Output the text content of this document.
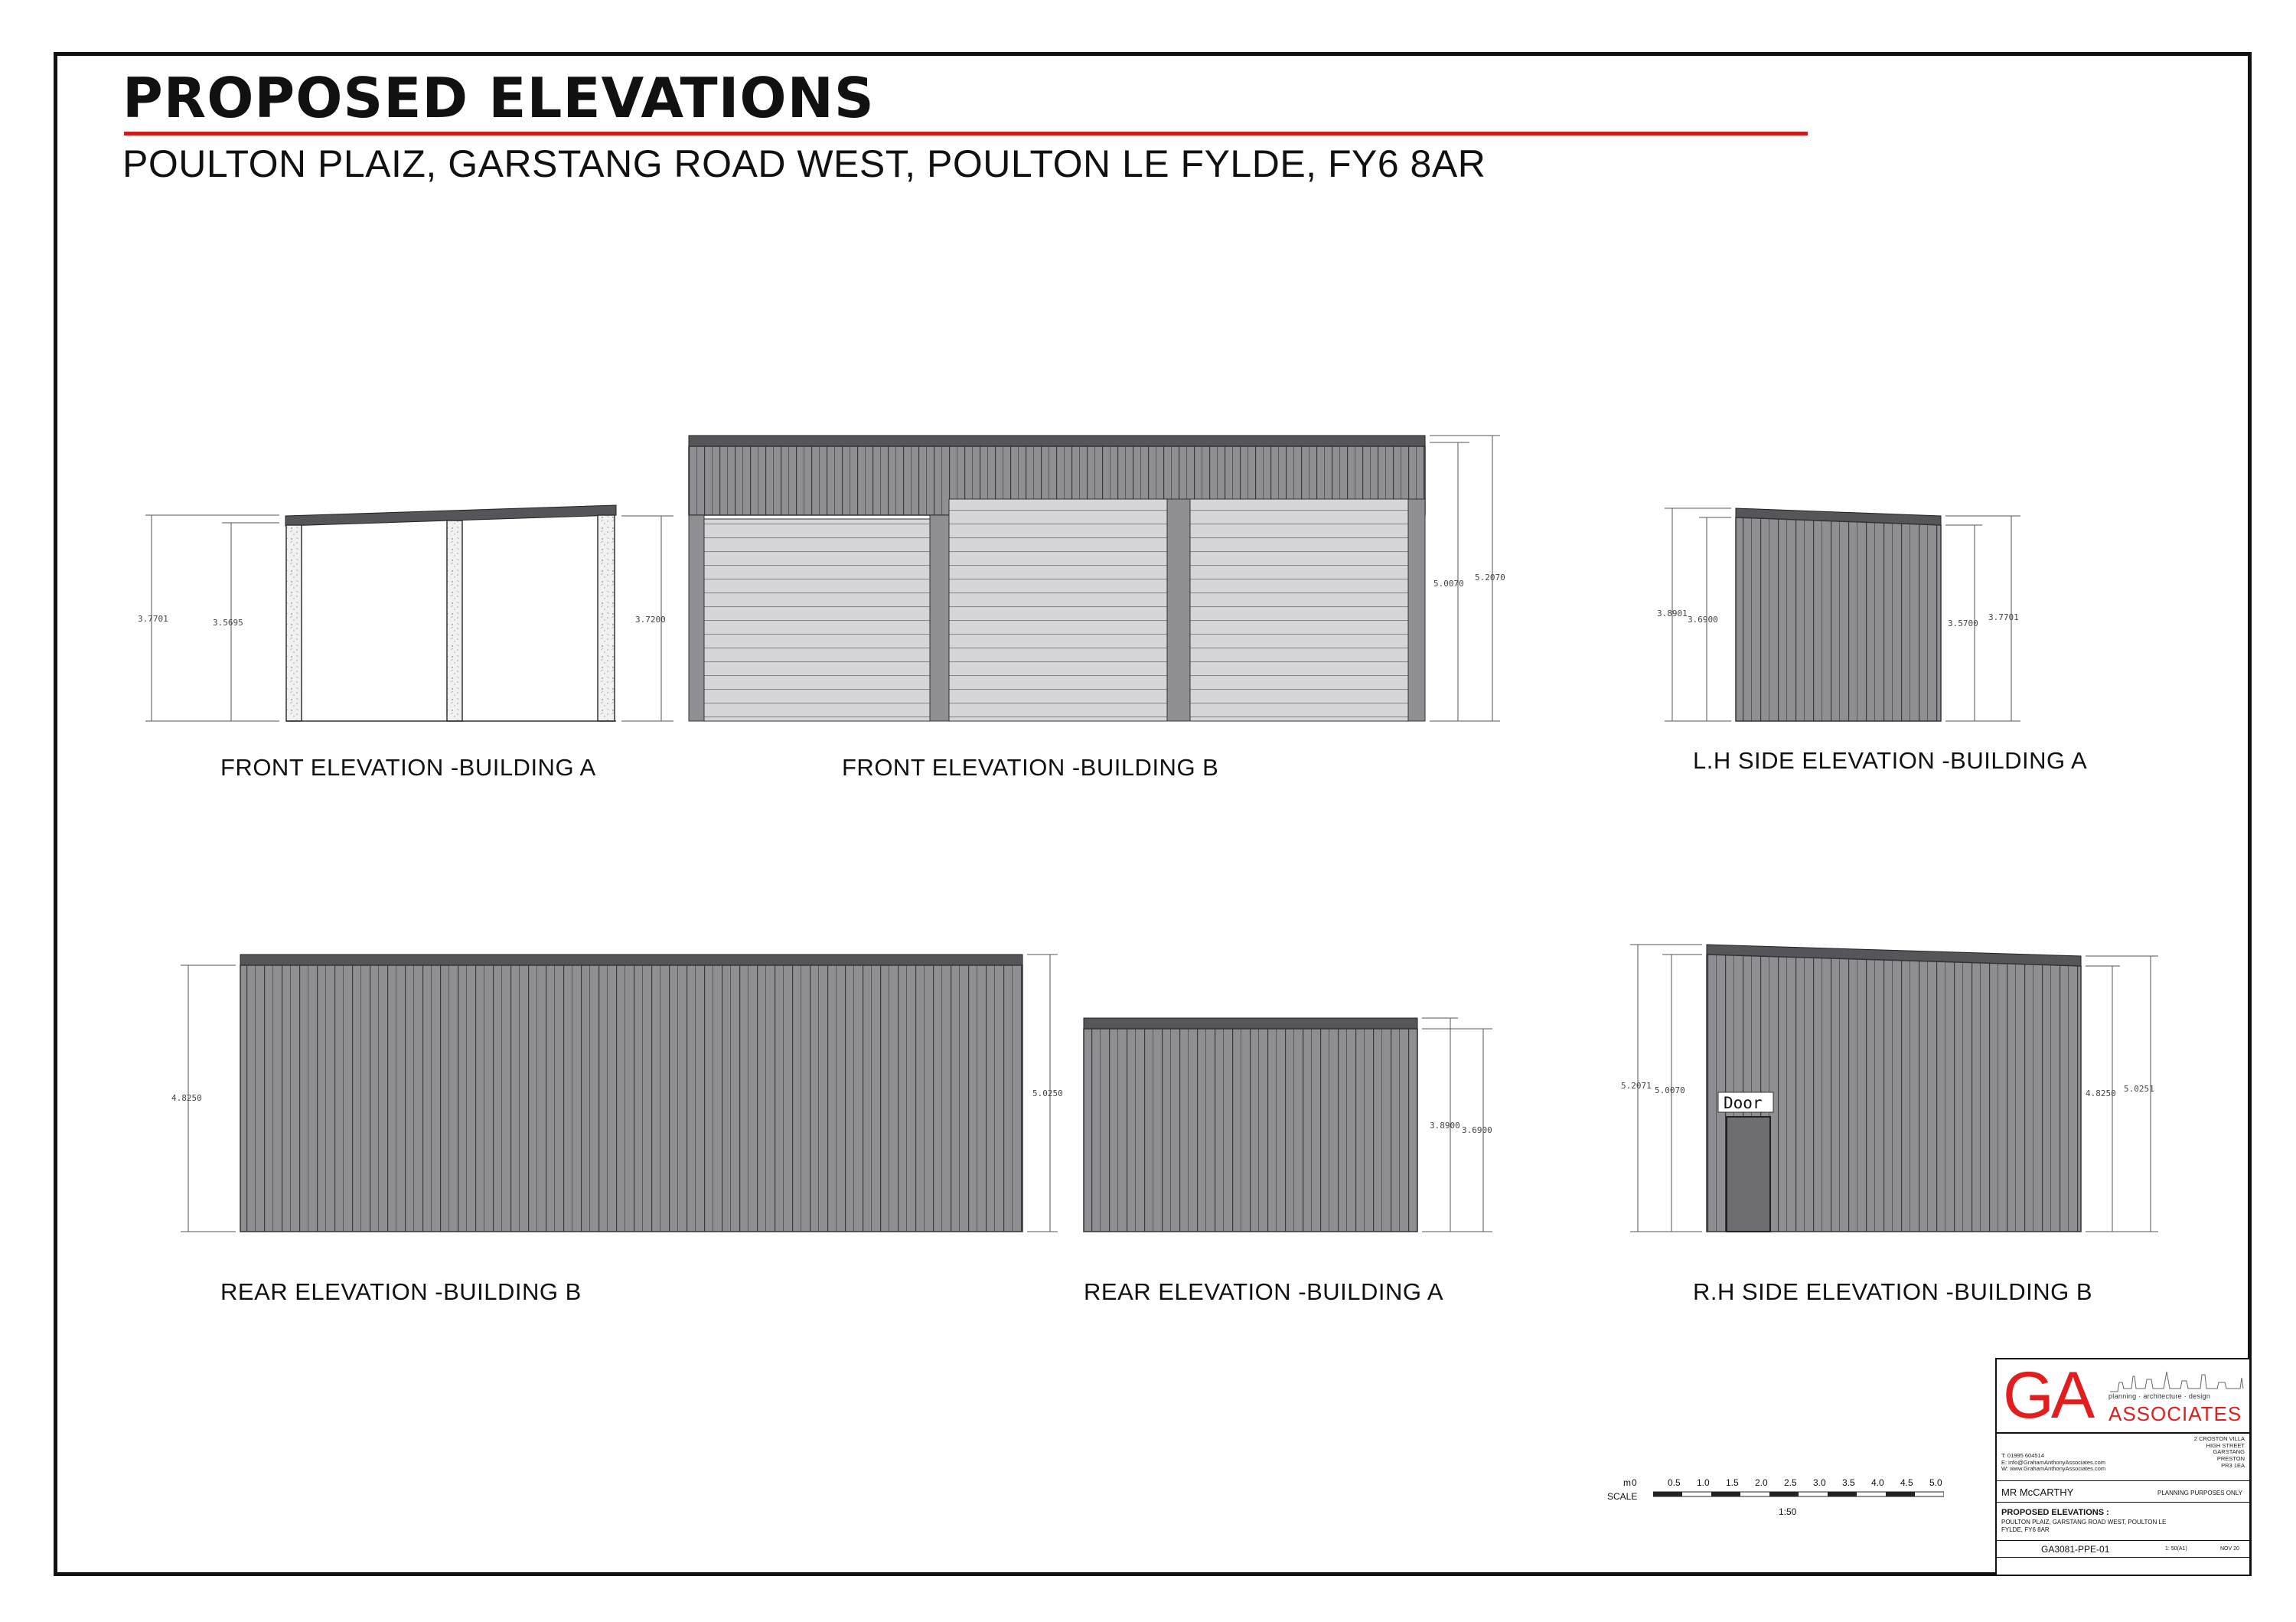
PROPOSED ELEVATIONS
POULTON PLAIZ, GARSTANG ROAD WEST, POULTON LE FYLDE, FY6 8AR
3.7701	3.5695	3.7200
5.0070
5.2070
3.8901
3.6900	3.5700
3.7701
4.8250	5.0250
3.8900 3.6900
Door
5.2071 5.0070	4.8250 5.0251
FRONT ELEVATION -BUILDING A	FRONT ELEVATION -BUILDING B	L.H SIDE ELEVATION -BUILDING A
REAR ELEVATION -BUILDING B	REAR ELEVATION -BUILDING A	R.H SIDE ELEVATION -BUILDING B
SCALE
m 0	0.5 1.0 1.5 2.0 2.5 3.0 3.5 4.0 4.5 5.0
1:50
GA planning · architecture · design
ASSOCIATES
2 CROSTON VILLA
HIGH STREET
GARSTANG
PRESTON
PR3 1EA
T: 01995 604514
E: info@GrahamAnthonyAssociates.com
W: www.GrahamAnthonyAssociates.com
MR McCARTHY	PLANNING PURPOSES ONLY
PROPOSED ELEVATIONS :
POULTON PLAIZ, GARSTANG ROAD WEST, POULTON LE FYLDE, FY6 8AR
GA3081-PPE-01	1: 50(A1)	NOV 20
